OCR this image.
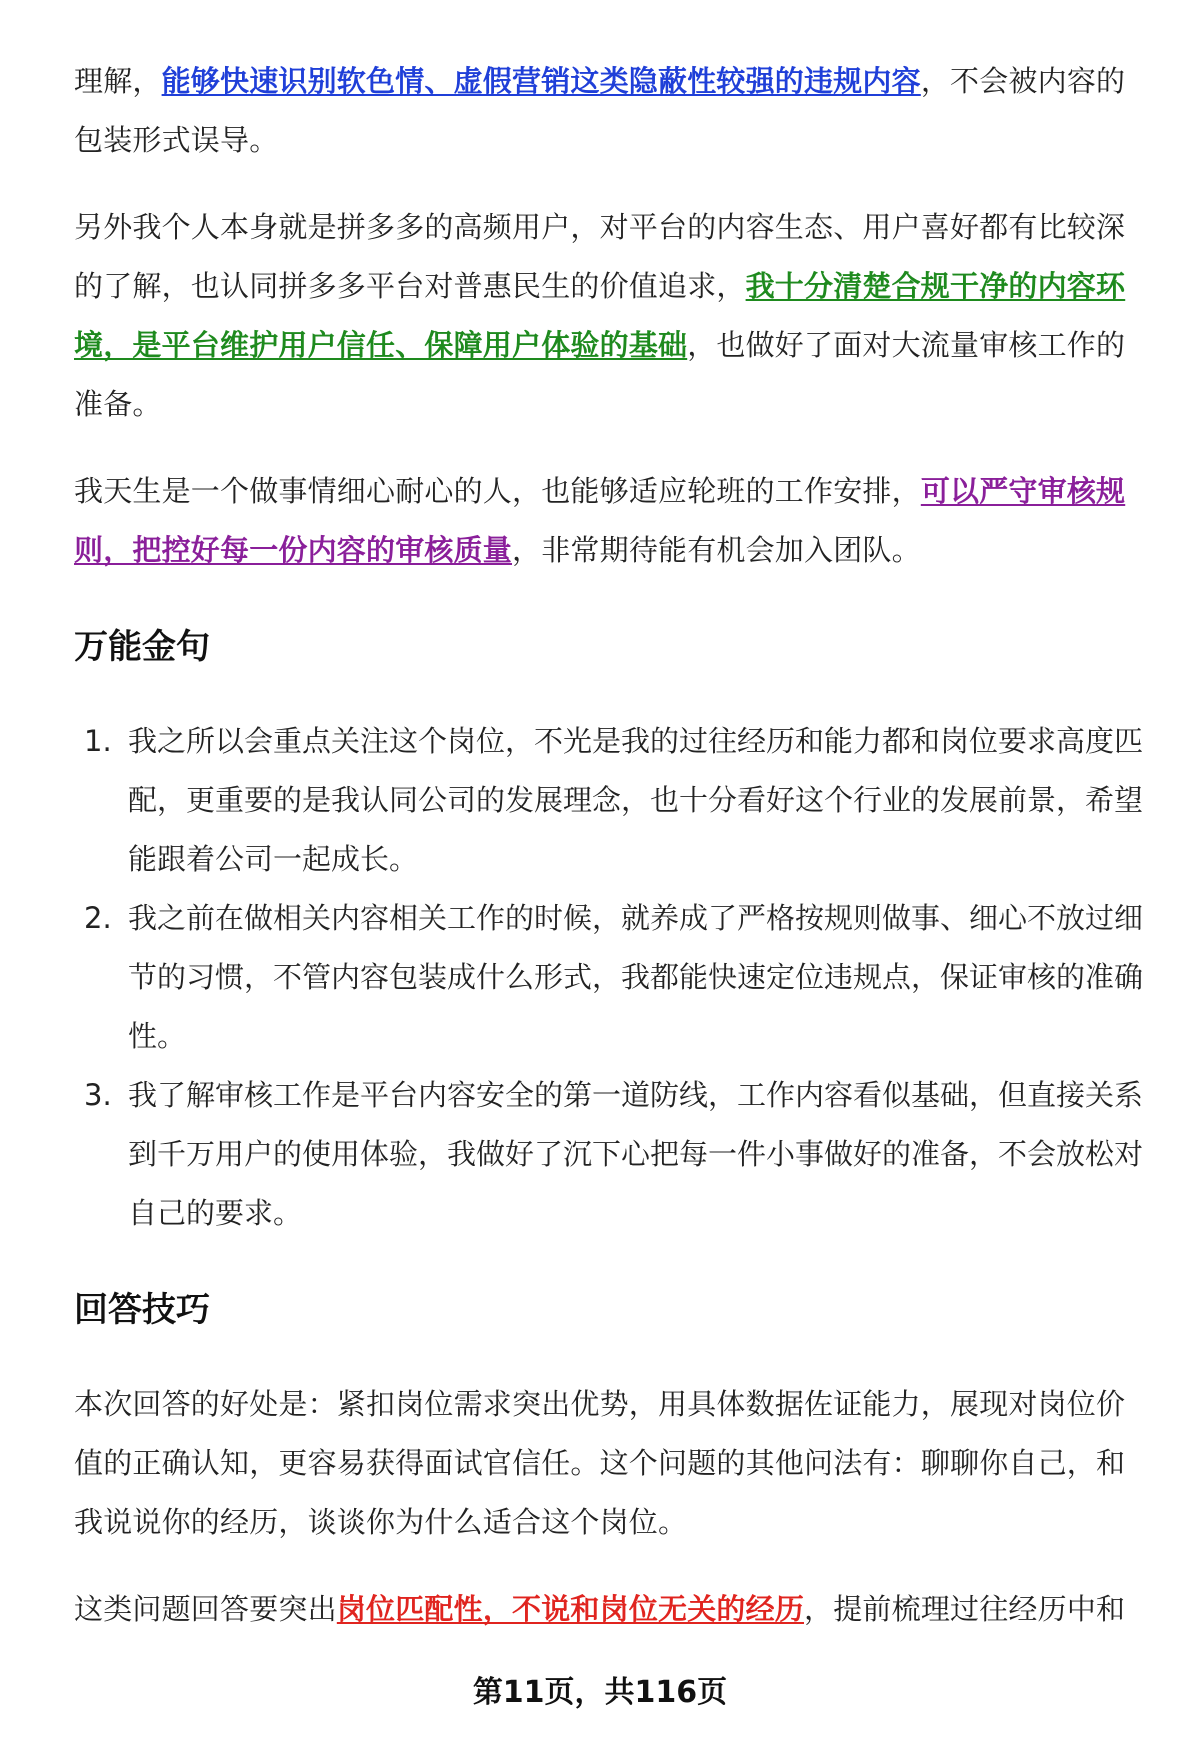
理解，能够快速识别软色情、虚假营销这类隐蔽性较强的违规内容，不会被内容的包装形式误导。

另外我个人本身就是拼多多的高频用户，对平台的内容生态、用户喜好都有比较深的了解，也认同拼多多平台对普惠民生的价值追求，我十分清楚合规干净的内容环境，是平台维护用户信任、保障用户体验的基础，也做好了面对大流量审核工作的准备。

我天生是一个做事情细心耐心的人，也能够适应轮班的工作安排，可以严守审核规则，把控好每一份内容的审核质量，非常期待能有机会加入团队。

万能金句
1. 我之所以会重点关注这个岗位，不光是我的过往经历和能力都和岗位要求高度匹配，更重要的是我认同公司的发展理念，也十分看好这个行业的发展前景，希望能跟着公司一起成长。
2. 我之前在做相关内容相关工作的时候，就养成了严格按规则做事、细心不放过细节的习惯，不管内容包装成什么形式，我都能快速定位违规点，保证审核的准确性。
3. 我了解审核工作是平台内容安全的第一道防线，工作内容看似基础，但直接关系到千万用户的使用体验，我做好了沉下心把每一件小事做好的准备，不会放松对自己的要求。
回答技巧

本次回答的好处是：紧扣岗位需求突出优势，用具体数据佐证能力，展现对岗位价值的正确认知，更容易获得面试官信任。这个问题的其他问法有：聊聊你自己，和我说说你的经历，谈谈你为什么适合这个岗位。

这类问题回答要突出岗位匹配性，不说和岗位无关的经历，提前梳理过往经历中和

第11页，共116页
